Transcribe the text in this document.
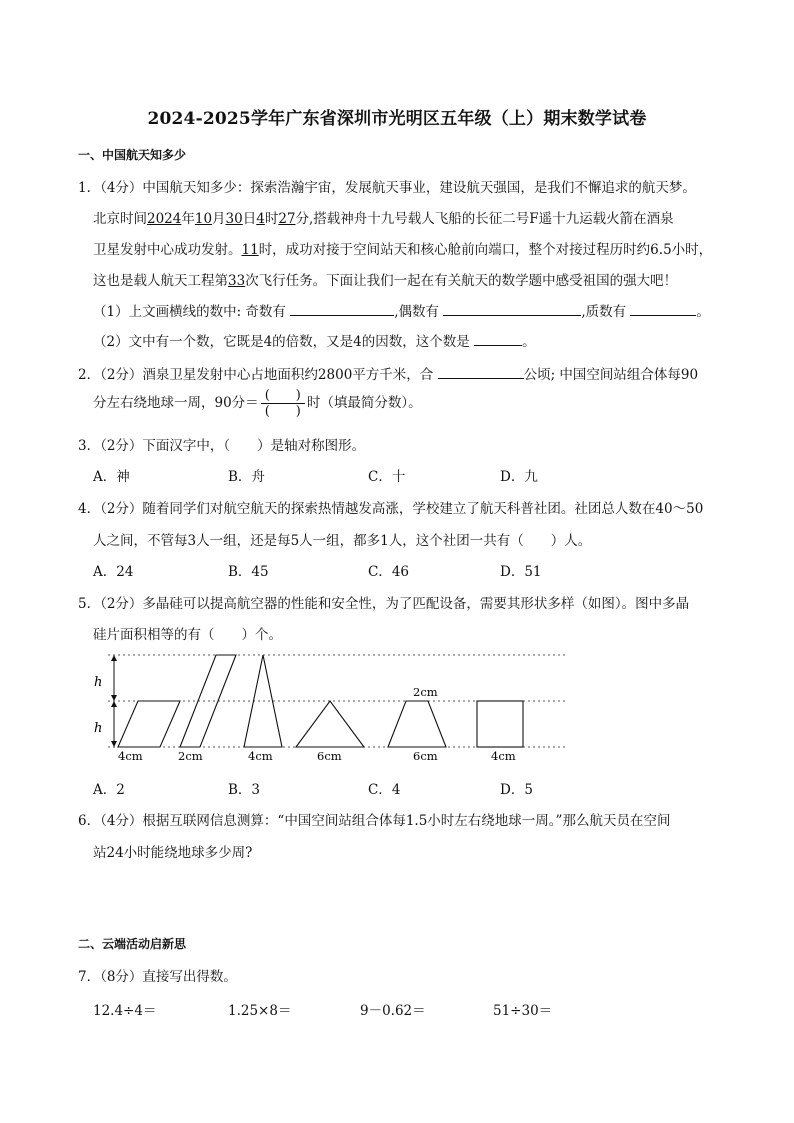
2024-2025学年广东省深圳市光明区五年级（上）期末数学试卷
一、中国航天知多少
1．（4分）中国航天知多少：探索浩瀚宇宙，发展航天事业，建设航天强国，是我们不懈追求的航天梦。
北京时间2024年10月30日4时27分,搭载神舟十九号载人飞船的长征二号F遥十九运载火箭在酒泉
卫星发射中心成功发射。11时，成功对接于空间站天和核心舱前向端口，整个对接过程历时约6.5小时，
这也是载人航天工程第33次飞行任务。下面让我们一起在有关航天的数学题中感受祖国的强大吧！
（1）上文画横线的数中: 奇数有	,偶数有	,质数有	。
（2）文中有一个数，它既是4的倍数，又是4的因数，这个数是	。
2．（2分）酒泉卫星发射中心占地面积约2800平方千米，合	公顷; 中国空间站组合体每90
分左右绕地球一周，90分＝ $\frac{( )}{( )}$ 时（填最简分数）。
3．（2分）下面汉字中，（　　）是轴对称图形。
A．神	B．舟	C．十	D．九
4．（2分）随着同学们对航空航天的探索热情越发高涨，学校建立了航天科普社团。社团总人数在40～50
人之间，不管每3人一组，还是每5人一组，都多1人，这个社团一共有（　　）人。
A．24	B．45	C．46	D．51
5．（2分）多晶硅可以提高航空器的性能和安全性，为了匹配设备，需要其形状多样（如图）。图中多晶
硅片面积相等的有（　　）个。
h
h
2cm
4cm	2cm	4cm	6cm	6cm	4cm
A．2	B．3	C．4	D．5
6．（4分）根据互联网信息测算：“中国空间站组合体每1.5小时左右绕地球一周。”那么航天员在空间
站24小时能绕地球多少周?
二、云端活动启新思
7．（8分）直接写出得数。
12.4÷4＝	1.25×8＝	9－0.62＝	51÷30＝
